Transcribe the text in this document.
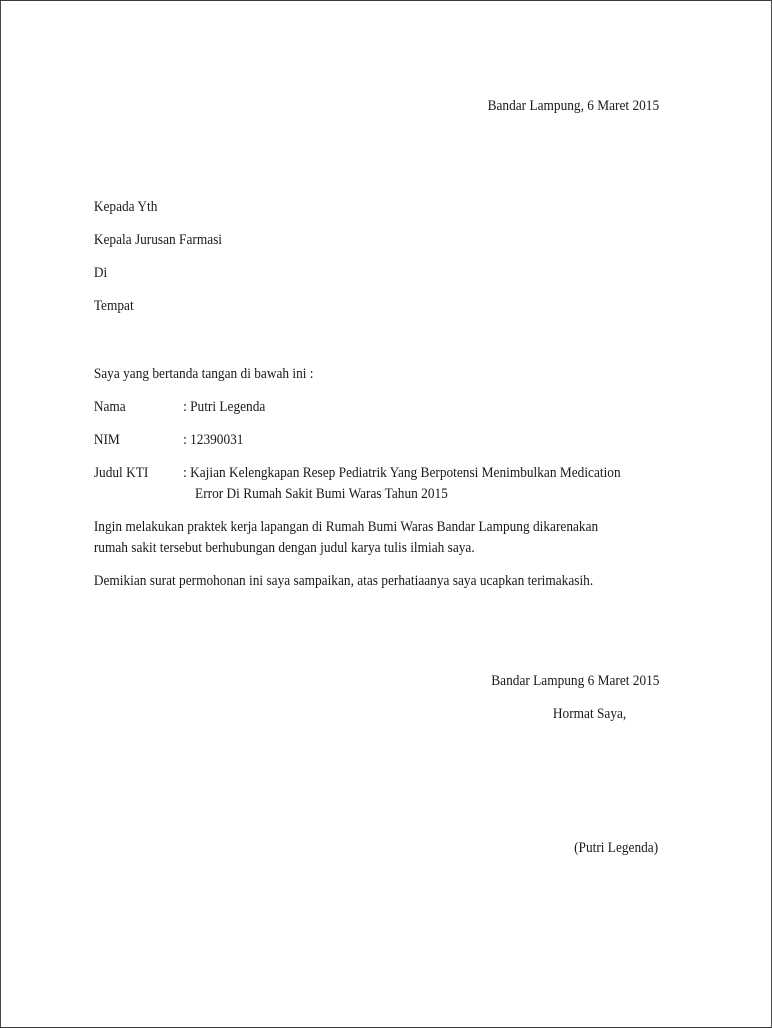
Bandar Lampung, 6 Maret 2015

Kepada Yth

Kepala Jurusan Farmasi

Di

Tempat

Saya yang bertanda tangan di bawah ini :

Nama	: Putri Legenda
NIM	: 12390031
Judul KTI : Kajian Kelengkapan Resep Pediatrik Yang Berpotensi Menimbulkan Medication
Error Di Rumah Sakit Bumi Waras Tahun 2015

Ingin melakukan praktek kerja lapangan di Rumah Bumi Waras Bandar Lampung dikarenakan

rumah sakit tersebut berhubungan dengan judul karya tulis ilmiah saya.

Demikian surat permohonan ini saya sampaikan, atas perhatiaanya saya ucapkan terimakasih.

Bandar Lampung 6 Maret 2015

Hormat Saya,

(Putri Legenda)
